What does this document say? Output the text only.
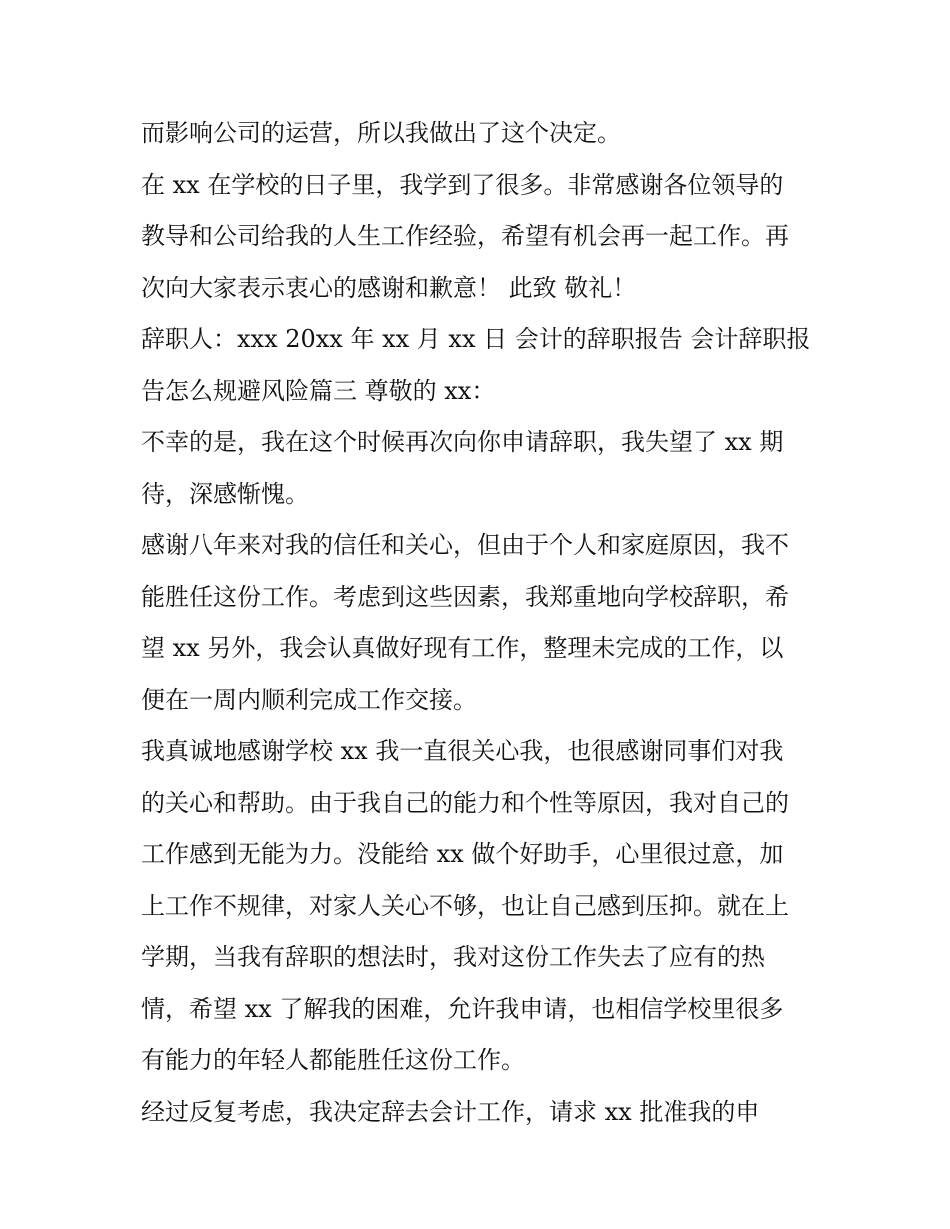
而影响公司的运营，所以我做出了这个决定。
在 xx 在学校的日子里，我学到了很多。非常感谢各位领导的
教导和公司给我的人生工作经验，希望有机会再一起工作。再
次向大家表示衷心的感谢和歉意！ 此致 敬礼！
辞职人：xxx 20xx 年 xx 月 xx 日 会计的辞职报告 会计辞职报
告怎么规避风险篇三 尊敬的 xx：
不幸的是，我在这个时候再次向你申请辞职，我失望了 xx 期
待，深感惭愧。
感谢八年来对我的信任和关心，但由于个人和家庭原因，我不
能胜任这份工作。考虑到这些因素，我郑重地向学校辞职，希
望 xx 另外，我会认真做好现有工作，整理未完成的工作，以
便在一周内顺利完成工作交接。
我真诚地感谢学校 xx 我一直很关心我，也很感谢同事们对我
的关心和帮助。由于我自己的能力和个性等原因，我对自己的
工作感到无能为力。没能给 xx 做个好助手，心里很过意，加
上工作不规律，对家人关心不够，也让自己感到压抑。就在上
学期，当我有辞职的想法时，我对这份工作失去了应有的热
情，希望 xx 了解我的困难，允许我申请，也相信学校里很多
有能力的年轻人都能胜任这份工作。
经过反复考虑，我决定辞去会计工作，请求 xx 批准我的申
